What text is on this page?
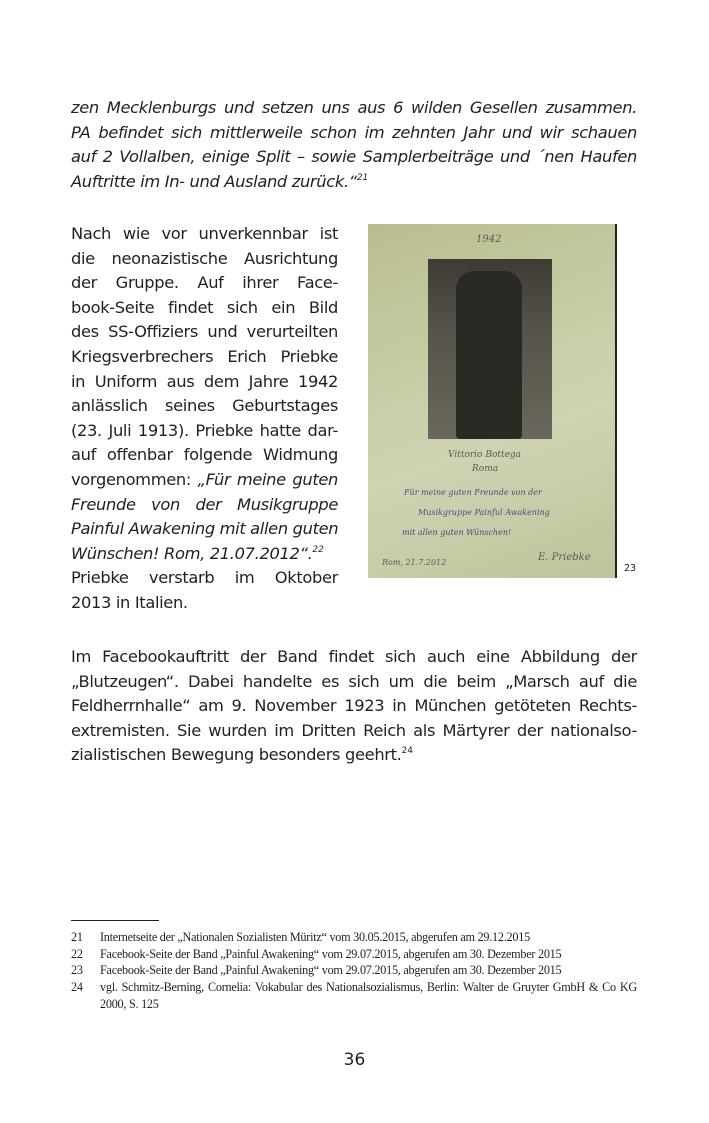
zen Mecklenburgs und setzen uns aus 6 wilden Gesellen zusammen.
PA befindet sich mittlerweile schon im zehnten Jahr und wir schauen
auf 2 Vollalben, einige Split – sowie Samplerbeiträge und ´nen Haufen
Auftritte im In- und Ausland zurück.“$^{21}$
Nach wie vor unverkennbar ist
die neonazistische Ausrichtung
der Gruppe. Auf ihrer Face-
book-Seite findet sich ein Bild
des SS-Offiziers und verurteilten
Kriegsverbrechers Erich Priebke
in Uniform aus dem Jahre 1942
anlässlich seines Geburtstages
(23. Juli 1913). Priebke hatte dar-
auf offenbar folgende Widmung
vorgenommen: „Für meine guten
Freunde von der Musikgruppe
Painful Awakening mit allen guten
Wünschen! Rom, 21.07.2012“.$^{22}$
Priebke verstarb im Oktober
2013 in Italien.
1942
Vittorio Bottega
Roma
Für meine guten Freunde von der
Musikgruppe Painful Awakening
mit allen guten Wünschen!
Rom, 21.7.2012	E. Priebke
23
Im Facebookauftritt der Band findet sich auch eine Abbildung der
„Blutzeugen“. Dabei handelte es sich um die beim „Marsch auf die
Feldherrnhalle“ am 9. November 1923 in München getöteten Rechts-
extremisten. Sie wurden im Dritten Reich als Märtyrer der nationalso-
zialistischen Bewegung besonders geehrt.$^{24}$
21	Internetseite der „Nationalen Sozialisten Müritz“ vom 30.05.2015, abgerufen am 29.12.2015
22	Facebook-Seite der Band „Painful Awakening“ vom 29.07.2015, abgerufen am 30. Dezember 2015
23	Facebook-Seite der Band „Painful Awakening“ vom 29.07.2015, abgerufen am 30. Dezember 2015
24	vgl. Schmitz-Berning, Cornelia: Vokabular des Nationalsozialismus, Berlin: Walter de Gruyter GmbH & Co KG 2000, S. 125
36
